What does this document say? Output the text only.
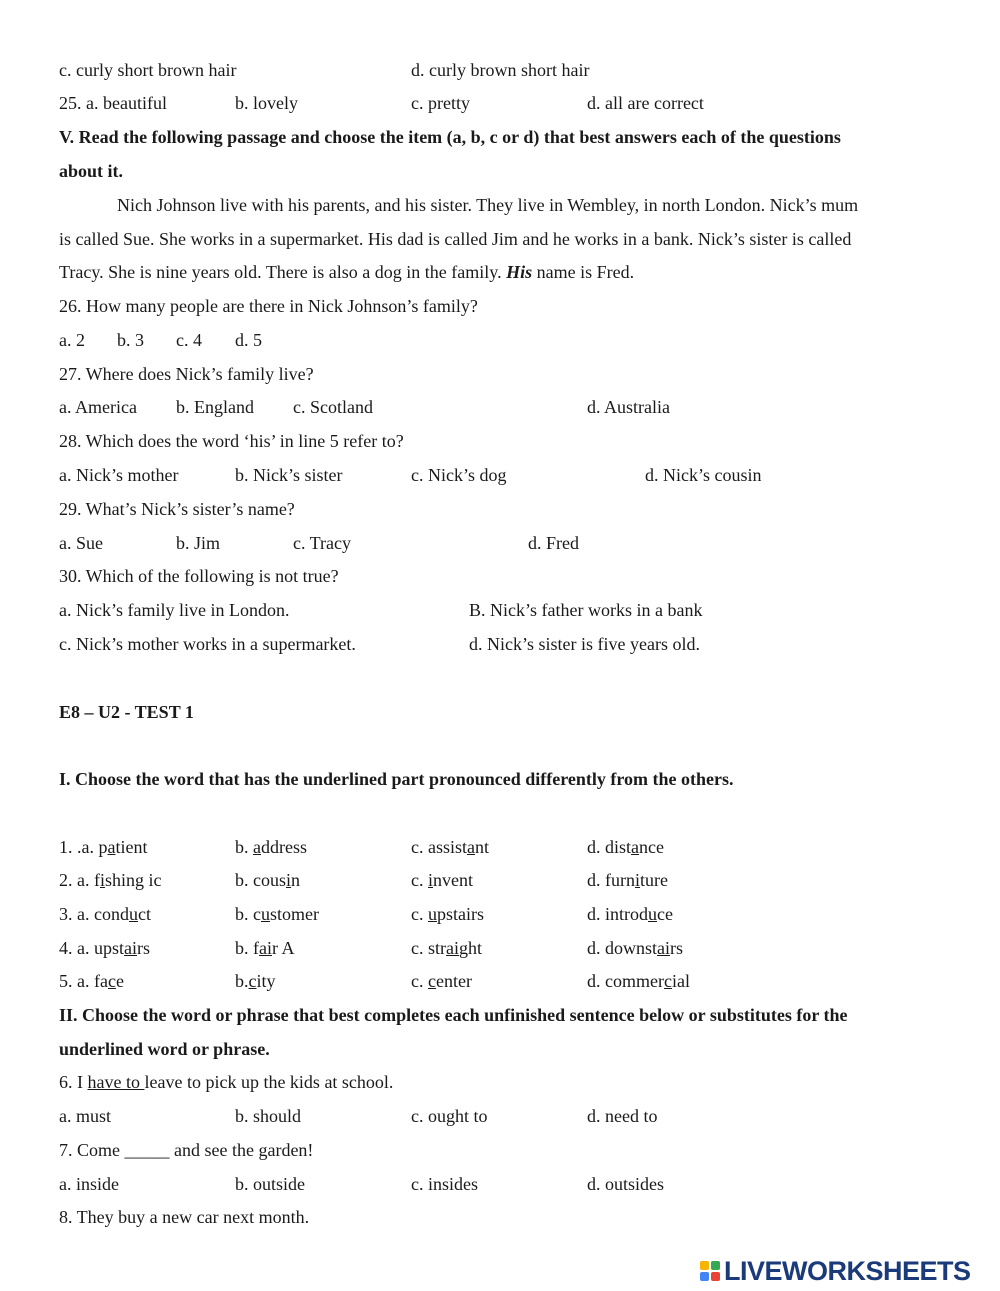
c. curly short brown hair	d. curly brown short hair
25. a. beautiful	b. lovely	c. pretty	d. all are correct
V. Read the following passage and choose the item (a, b, c or d) that best answers each of the questions
about it.
Nich Johnson live with his parents, and his sister. They live in Wembley, in north London. Nick’s mum
is called Sue. She works in a supermarket. His dad is called Jim and he works in a bank. Nick’s sister is called
Tracy. She is nine years old. There is also a dog in the family. His name is Fred.
26. How many people are there in Nick Johnson’s family?
a. 2 b. 3 c. 4 d. 5
27. Where does Nick’s family live?
a. America b. England c. Scotland	d. Australia
28. Which does the word ‘his’ in line 5 refer to?
a. Nick’s mother	b. Nick’s sister	c. Nick’s dog	d. Nick’s cousin
29. What’s Nick’s sister’s name?
a. Sue	b. Jim	c. Tracy	d. Fred
30. Which of the following is not true?
a. Nick’s family live in London.	B. Nick’s father works in a bank
c. Nick’s mother works in a supermarket.	d. Nick’s sister is five years old.
E8 – U2 - TEST 1
I. Choose the word that has the underlined part pronounced differently from the others.
1. .a. patient	b. address	c. assistant	d. distance
2. a. fishing ic	b. cousin	c. invent	d. furniture
3. a. conduct	b. customer	c. upstairs	d. introduce
4. a. upstairs	b. fair A	c. straight	d. downstairs
5. a. face	b.city	c. center	d. commercial
II. Choose the word or phrase that best completes each unfinished sentence below or substitutes for the
underlined word or phrase.
6. I have to leave to pick up the kids at school.
a. must	b. should	c. ought to	d. need to
7. Come _____ and see the garden!
a. inside	b. outside	c. insides	d. outsides
8. They buy a new car next month.
LIVEWORKSHEETS
